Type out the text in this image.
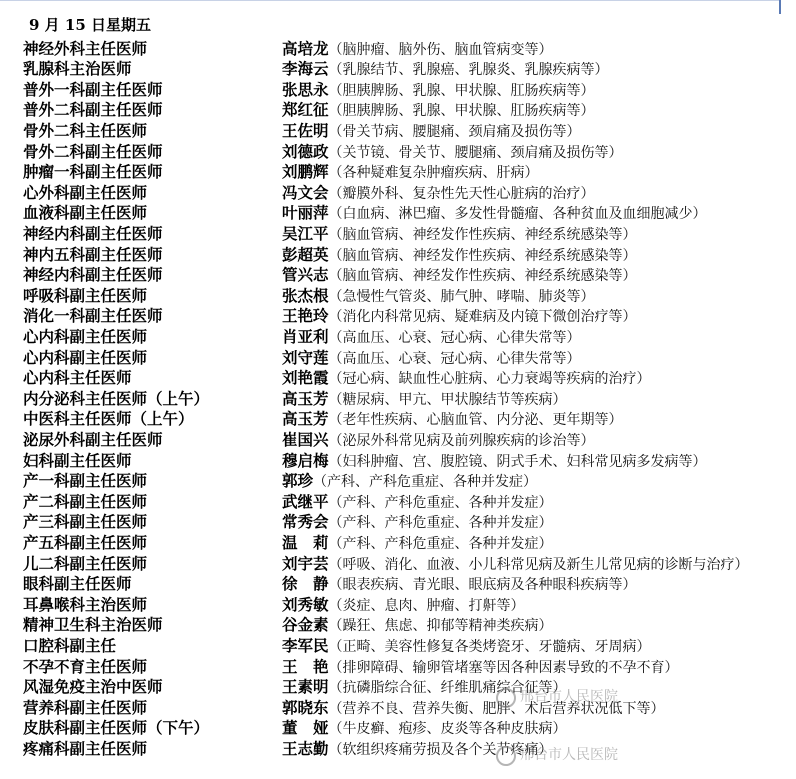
9 月 15 日星期五
神经外科主任医师	高培龙（脑肿瘤、脑外伤、脑血管病变等）
乳腺科主治医师	李海云（乳腺结节、乳腺癌、乳腺炎、乳腺疾病等）
普外一科副主任医师	张思永（胆胰脾肠、乳腺、甲状腺、肛肠疾病等）
普外二科副主任医师	郑红征（胆胰脾肠、乳腺、甲状腺、肛肠疾病等）
骨外二科主任医师	王佐明（骨关节病、腰腿痛、颈肩痛及损伤等）
骨外二科副主任医师	刘德政（关节镜、骨关节、腰腿痛、颈肩痛及损伤等）
肿瘤一科副主任医师	刘鹏辉（各种疑难复杂肿瘤疾病、肝病）
心外科副主任医师	冯文会（瓣膜外科、复杂性先天性心脏病的治疗）
血液科副主任医师	叶丽萍（白血病、淋巴瘤、多发性骨髓瘤、各种贫血及血细胞减少）
神经内科副主任医师	吴江平（脑血管病、神经发作性疾病、神经系统感染等）
神内五科副主任医师	彭超英（脑血管病、神经发作性疾病、神经系统感染等）
神经内科副主任医师	管兴志（脑血管病、神经发作性疾病、神经系统感染等）
呼吸科副主任医师	张杰根（急慢性气管炎、肺气肿、哮喘、肺炎等）
消化一科副主任医师	王艳玲（消化内科常见病、疑难病及内镜下微创治疗等）
心内科副主任医师	肖亚利（高血压、心衰、冠心病、心律失常等）
心内科副主任医师	刘守莲（高血压、心衰、冠心病、心律失常等）
心内科主任医师	刘艳霞（冠心病、缺血性心脏病、心力衰竭等疾病的治疗）
内分泌科主任医师（上午）	高玉芳（糖尿病、甲亢、甲状腺结节等疾病）
中医科主任医师（上午）	高玉芳（老年性疾病、心脑血管、内分泌、更年期等）
泌尿外科副主任医师	崔国兴（泌尿外科常见病及前列腺疾病的诊治等）
妇科副主任医师	穆启梅（妇科肿瘤、宫、腹腔镜、阴式手术、妇科常见病多发病等）
产一科副主任医师	郭珍（产科、产科危重症、各种并发症）
产二科副主任医师	武继平（产科、产科危重症、各种并发症）
产三科副主任医师	常秀会（产科、产科危重症、各种并发症）
产五科副主任医师	温　莉（产科、产科危重症、各种并发症）
儿二科副主任医师	刘宇芸（呼吸、消化、血液、小儿科常见病及新生儿常见病的诊断与治疗）
眼科副主任医师	徐　静（眼表疾病、青光眼、眼底病及各种眼科疾病等）
耳鼻喉科主治医师	刘秀敏（炎症、息肉、肿瘤、打鼾等）
精神卫生科主治医师	谷金素（躁狂、焦虑、抑郁等精神类疾病）
口腔科副主任	李军民（正畸、美容性修复各类烤瓷牙、牙髓病、牙周病）
不孕不育主任医师	王　艳（排卵障碍、输卵管堵塞等因各种因素导致的不孕不育）
风湿免疫主治中医师	王素明（抗磷脂综合征、纤维肌痛综合征等）
营养科副主任医师	郭晓东（营养不良、营养失衡、肥胖、术后营养状况低下等）
皮肤科副主任医师（下午）	董　娅（牛皮癣、疱疹、皮炎等各种皮肤病）
疼痛科副主任医师	王志勤（软组织疼痛劳损及各个关节疼痛）
邢台市人民医院
邢台市人民医院
